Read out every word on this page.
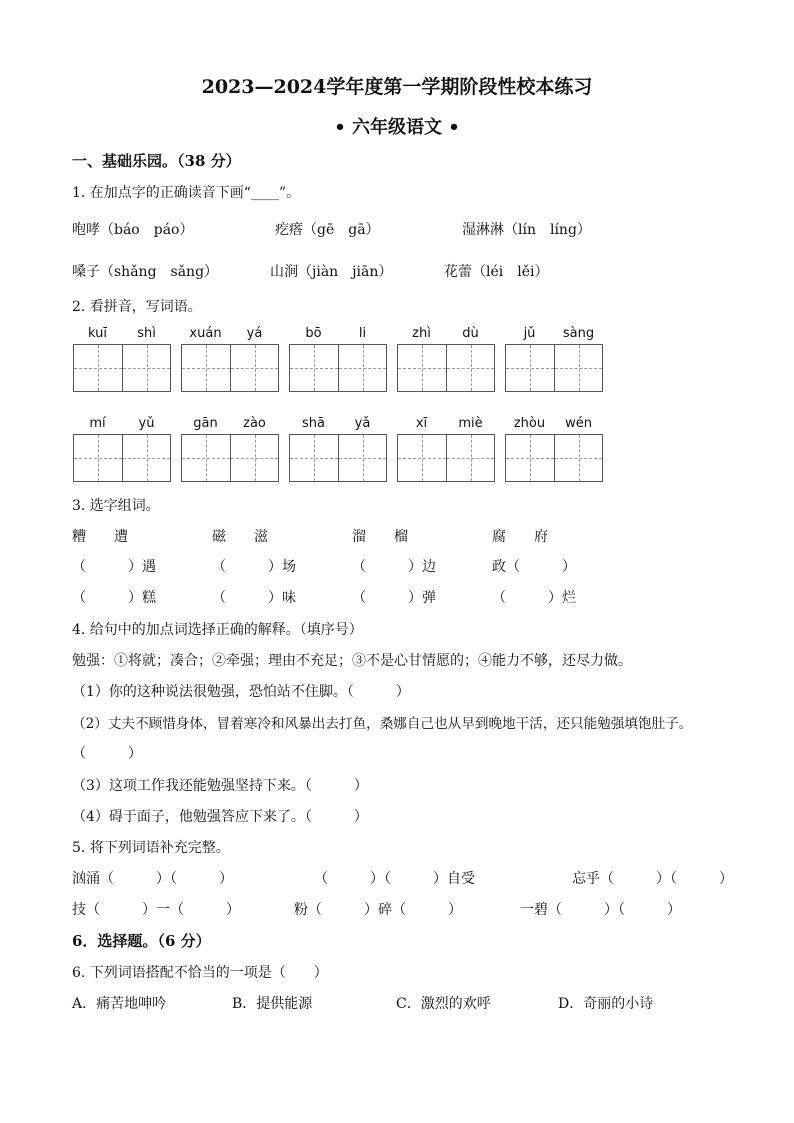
2023—2024学年度第一学期阶段性校本练习
• 六年级语文 •
一、基础乐园。（38 分）
1. 在加点字的正确读音下画“____”。
咆哮（báo　páo）	疙瘩（gē　gā）	湿淋淋（lín　líng）
嗓子（shǎng　sǎng）	山涧（jiàn　jiān）	花蕾（léi　lěi）
2. 看拼音，写词语。
kuī	shì	xuán	yá	bō	li	zhì	dù	jǔ	sàng
mí	yǔ	gān	zào	shā	yǎ	xī	miè	zhòu	wén
3. 选字组词。
糟　　遭	磁　　滋	溜　　榴	腐　　府
（　　　）遇	（　　　）场	（　　　）边	政（　　　）
（　　　）糕	（　　　）味	（　　　）弹	（　　　）烂
4. 给句中的加点词选择正确的解释。（填序号）
勉强：①将就；凑合；②牵强；理由不充足；③不是心甘情愿的；④能力不够，还尽力做。
（1）你的这种说法很勉强，恐怕站不住脚。（　　　）
（2）丈夫不顾惜身体，冒着寒冷和风暴出去打鱼，桑娜自己也从早到晚地干活，还只能勉强填饱肚子。
（　　　）
（3）这项工作我还能勉强坚持下来。（　　　）
（4）碍于面子，他勉强答应下来了。（　　　）
5. 将下列词语补充完整。
汹涌（　　　）（　　　）	（　　　）（　　　）自受	忘乎（　　　）（　　　）
技（　　　）一（　　　）	粉（　　　）碎（　　　）	一碧（　　　）（　　　）
6．选择题。（6 分）
6. 下列词语搭配不恰当的一项是（　　）
A．痛苦地呻吟	B．提供能源	C．激烈的欢呼	D．奇丽的小诗
